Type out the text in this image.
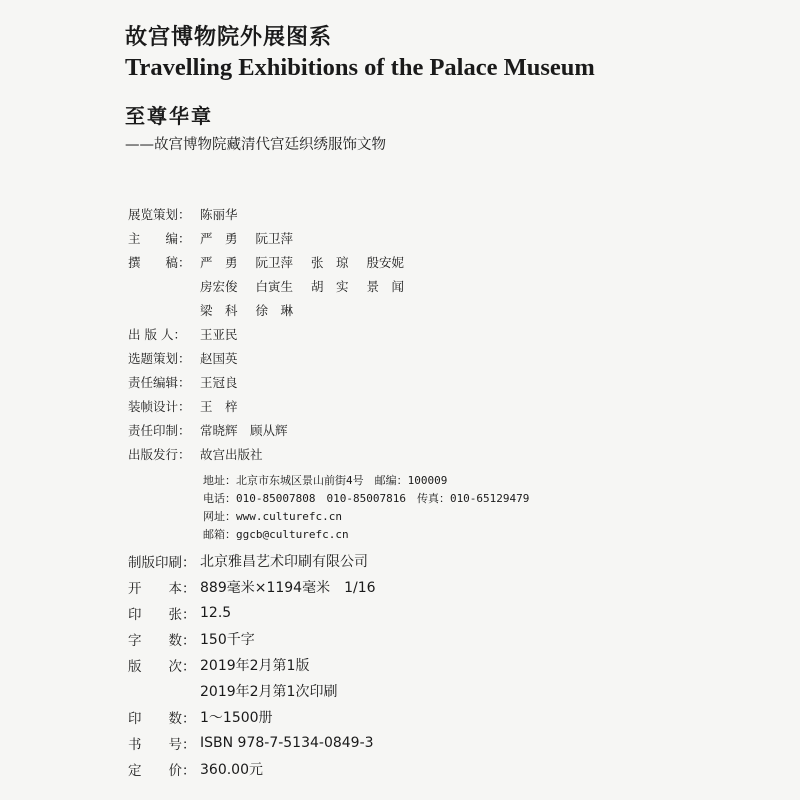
故宫博物院外展图系
Travelling Exhibitions of the Palace Museum
至尊华章
——故宫博物院藏清代宫廷织绣服饰文物
展览策划： 陈丽华
主　　编： 严　勇 阮卫萍
撰　　稿： 严　勇 阮卫萍 张　琼 殷安妮
房宏俊 白寅生 胡　实 景　闻
梁　科 徐　琳
出 版 人：	王亚民
选题策划： 赵国英
责任编辑： 王冠良
装帧设计： 王　梓
责任印制： 常晓辉　顾从辉
出版发行： 故宫出版社
地址：北京市东城区景山前街4号　邮编：100009
电话：010-85007808　010-85007816　传真：010-65129479
网址：www.culturefc.cn
邮箱：ggcb@culturefc.cn
制版印刷： 北京雅昌艺术印刷有限公司
开　　本： 889毫米×1194毫米　1/16
印　　张： 12.5
字　　数： 150千字
版　　次： 2019年2月第1版
2019年2月第1次印刷
印　　数： 1～1500册
书　　号： ISBN 978-7-5134-0849-3
定　　价： 360.00元
